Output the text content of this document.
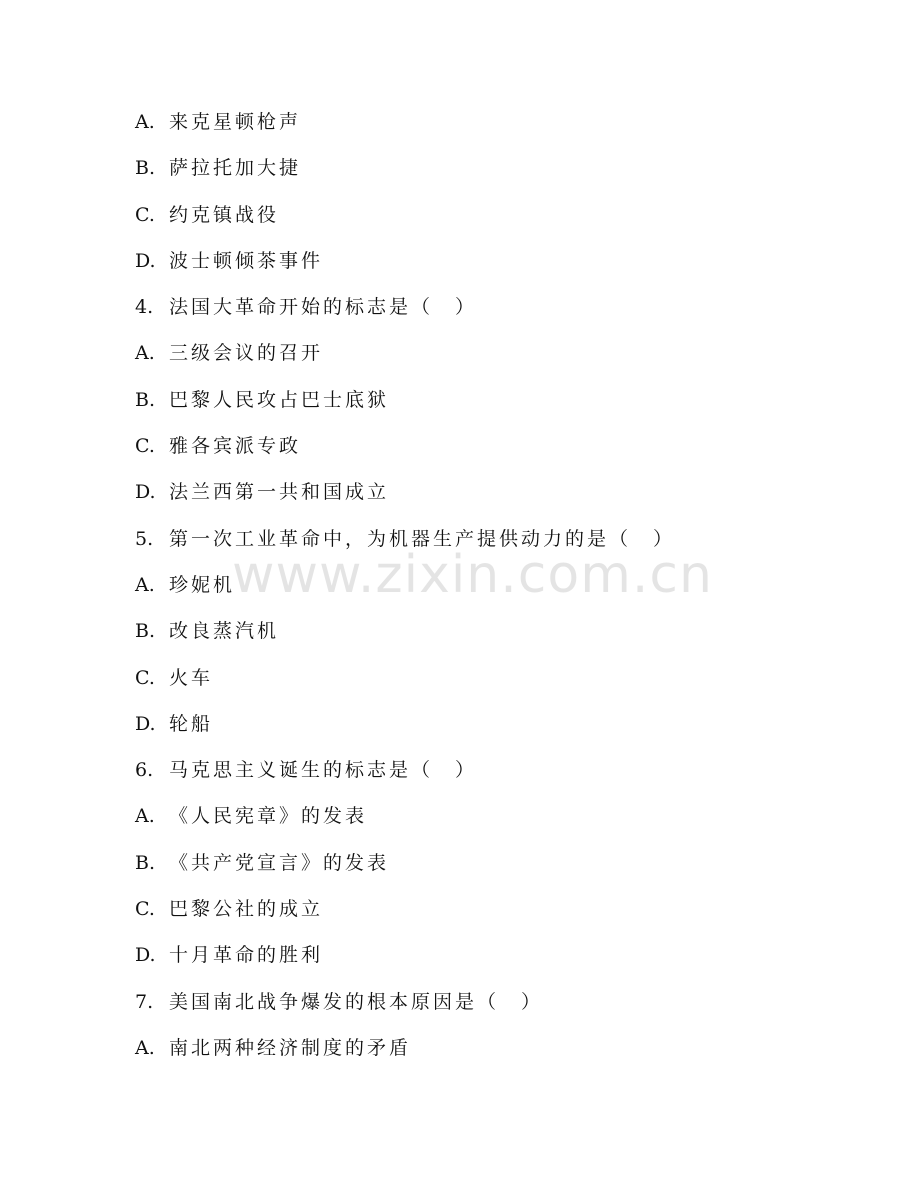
A. 来克星顿枪声
B. 萨拉托加大捷
C. 约克镇战役
D. 波士顿倾茶事件
4. 法国大革命开始的标志是（　）
A. 三级会议的召开
B. 巴黎人民攻占巴士底狱
C. 雅各宾派专政
D. 法兰西第一共和国成立
5. 第一次工业革命中，为机器生产提供动力的是（　）
A. 珍妮机
B. 改良蒸汽机
C. 火车
D. 轮船
6. 马克思主义诞生的标志是（　）
A. 《人民宪章》的发表
B. 《共产党宣言》的发表
C. 巴黎公社的成立
D. 十月革命的胜利
7. 美国南北战争爆发的根本原因是（　）
A. 南北两种经济制度的矛盾
www.zixin.com.cn
